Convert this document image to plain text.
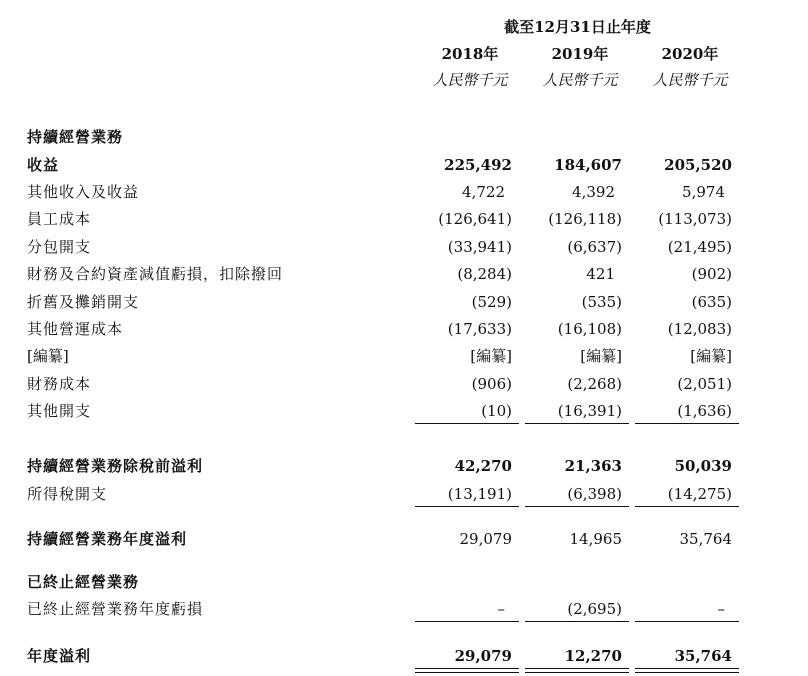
截至12月31日止年度
2018年	2019年	2020年
人民幣千元	人民幣千元	人民幣千元
持續經營業務
收益	225,492	184,607	205,520
其他收入及收益	4,722	4,392	5,974
員工成本	(126,641)	(126,118)	(113,073)
分包開支	(33,941)	(6,637)	(21,495)
財務及合約資產減值虧損，扣除撥回	(8,284)	421	(902)
折舊及攤銷開支	(529)	(535)	(635)
其他營運成本	(17,633)	(16,108)	(12,083)
[編纂]	[編纂]	[編纂]	[編纂]
財務成本	(906)	(2,268)	(2,051)
其他開支	(10)	(16,391)	(1,636)
持續經營業務除稅前溢利	42,270	21,363	50,039
所得稅開支	(13,191)	(6,398)	(14,275)
持續經營業務年度溢利	29,079	14,965	35,764
已終止經營業務
已終止經營業務年度虧損	–	(2,695)	–
年度溢利	29,079	12,270	35,764
